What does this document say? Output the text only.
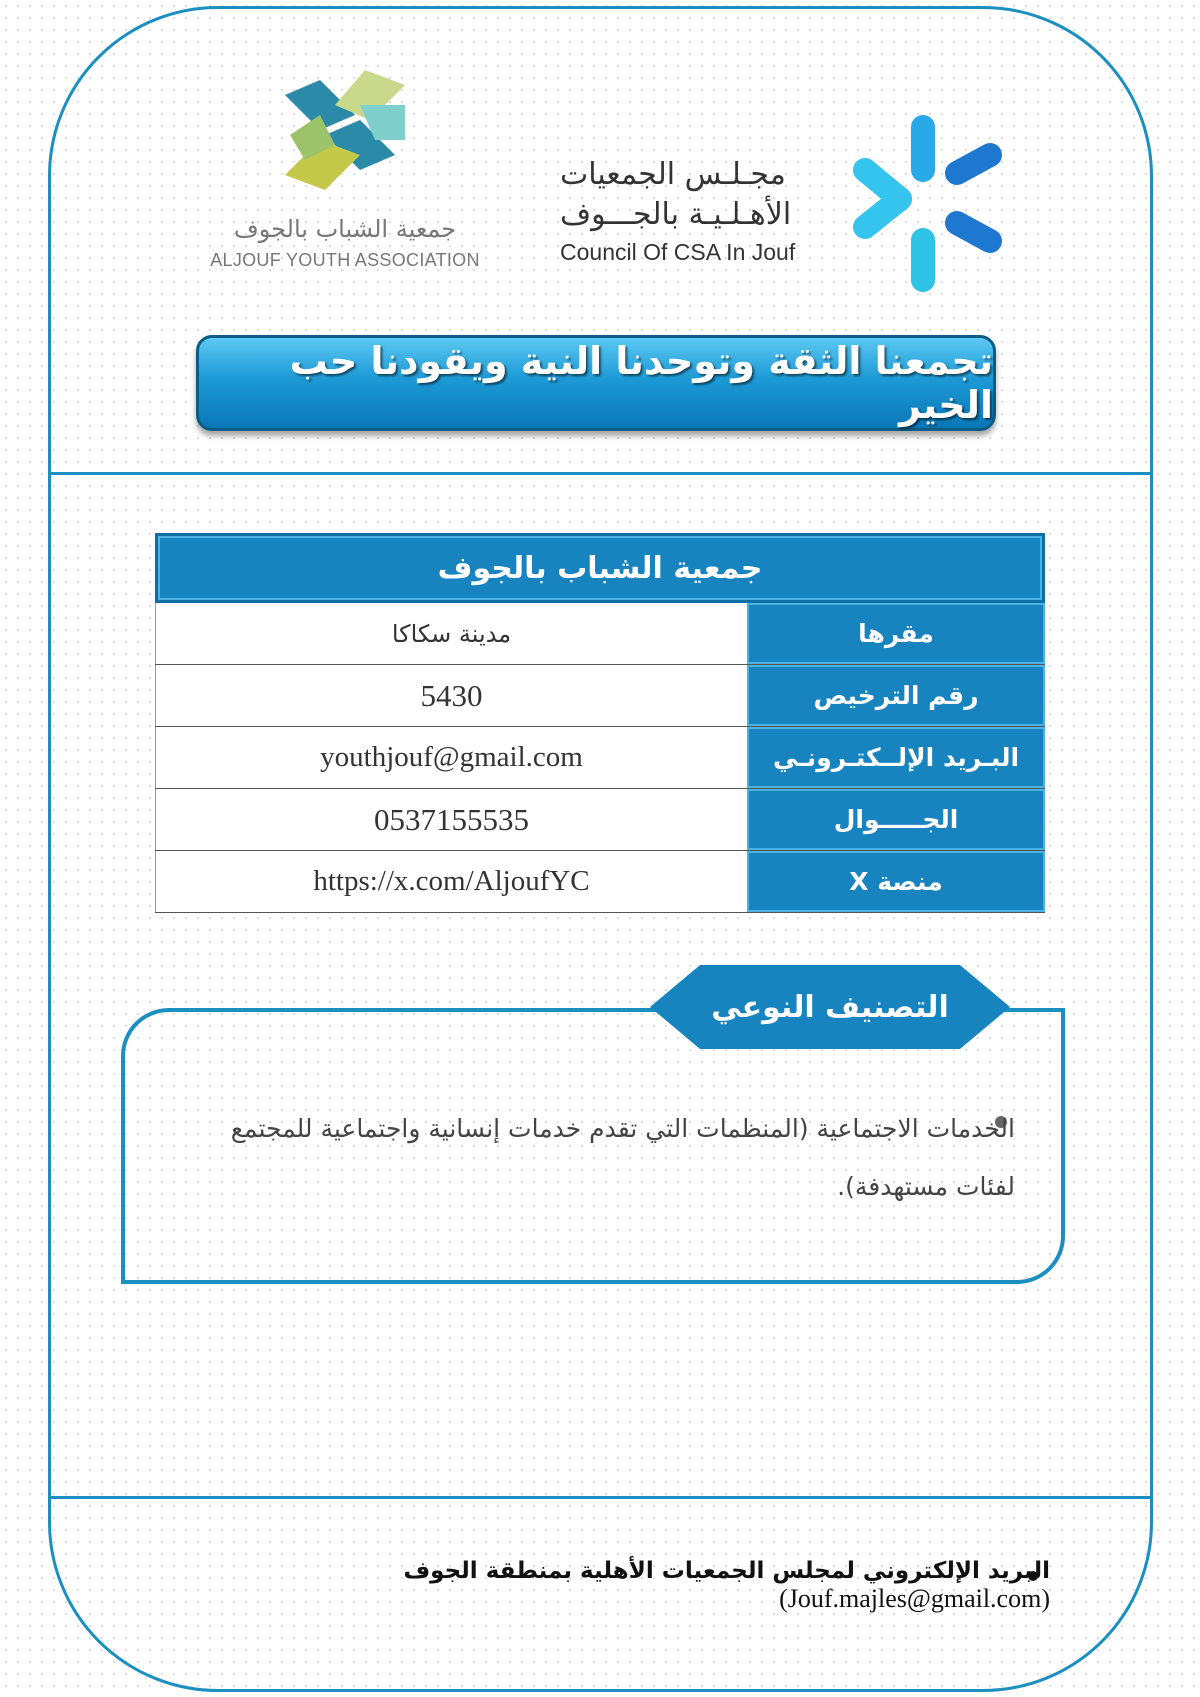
مجـلـس الجمعيات
الأهـلـيـة بالجـــوف
Council Of CSA In Jouf
جمعية الشباب بالجوف
ALJOUF YOUTH ASSOCIATION
تجمعنا الثقة وتوحدنا النية ويقودنا حب الخير
جمعية الشباب بالجوف
مدينة سكاكا	مقرها
5430	رقم الترخيص
youthjouf@gmail.com	البـريد الإلــكتـرونـي
0537155535	الجـــــوال
https://x.com/AljoufYC	منصة X
التصنيف النوعي
الخدمات الاجتماعية (المنظمات التي تقدم خدمات إنسانية واجتماعية للمجتمع لفئات مستهدفة).
البريد الإلكتروني لمجلس الجمعيات الأهلية بمنطقة الجوف (Jouf.majles@gmail.com)
